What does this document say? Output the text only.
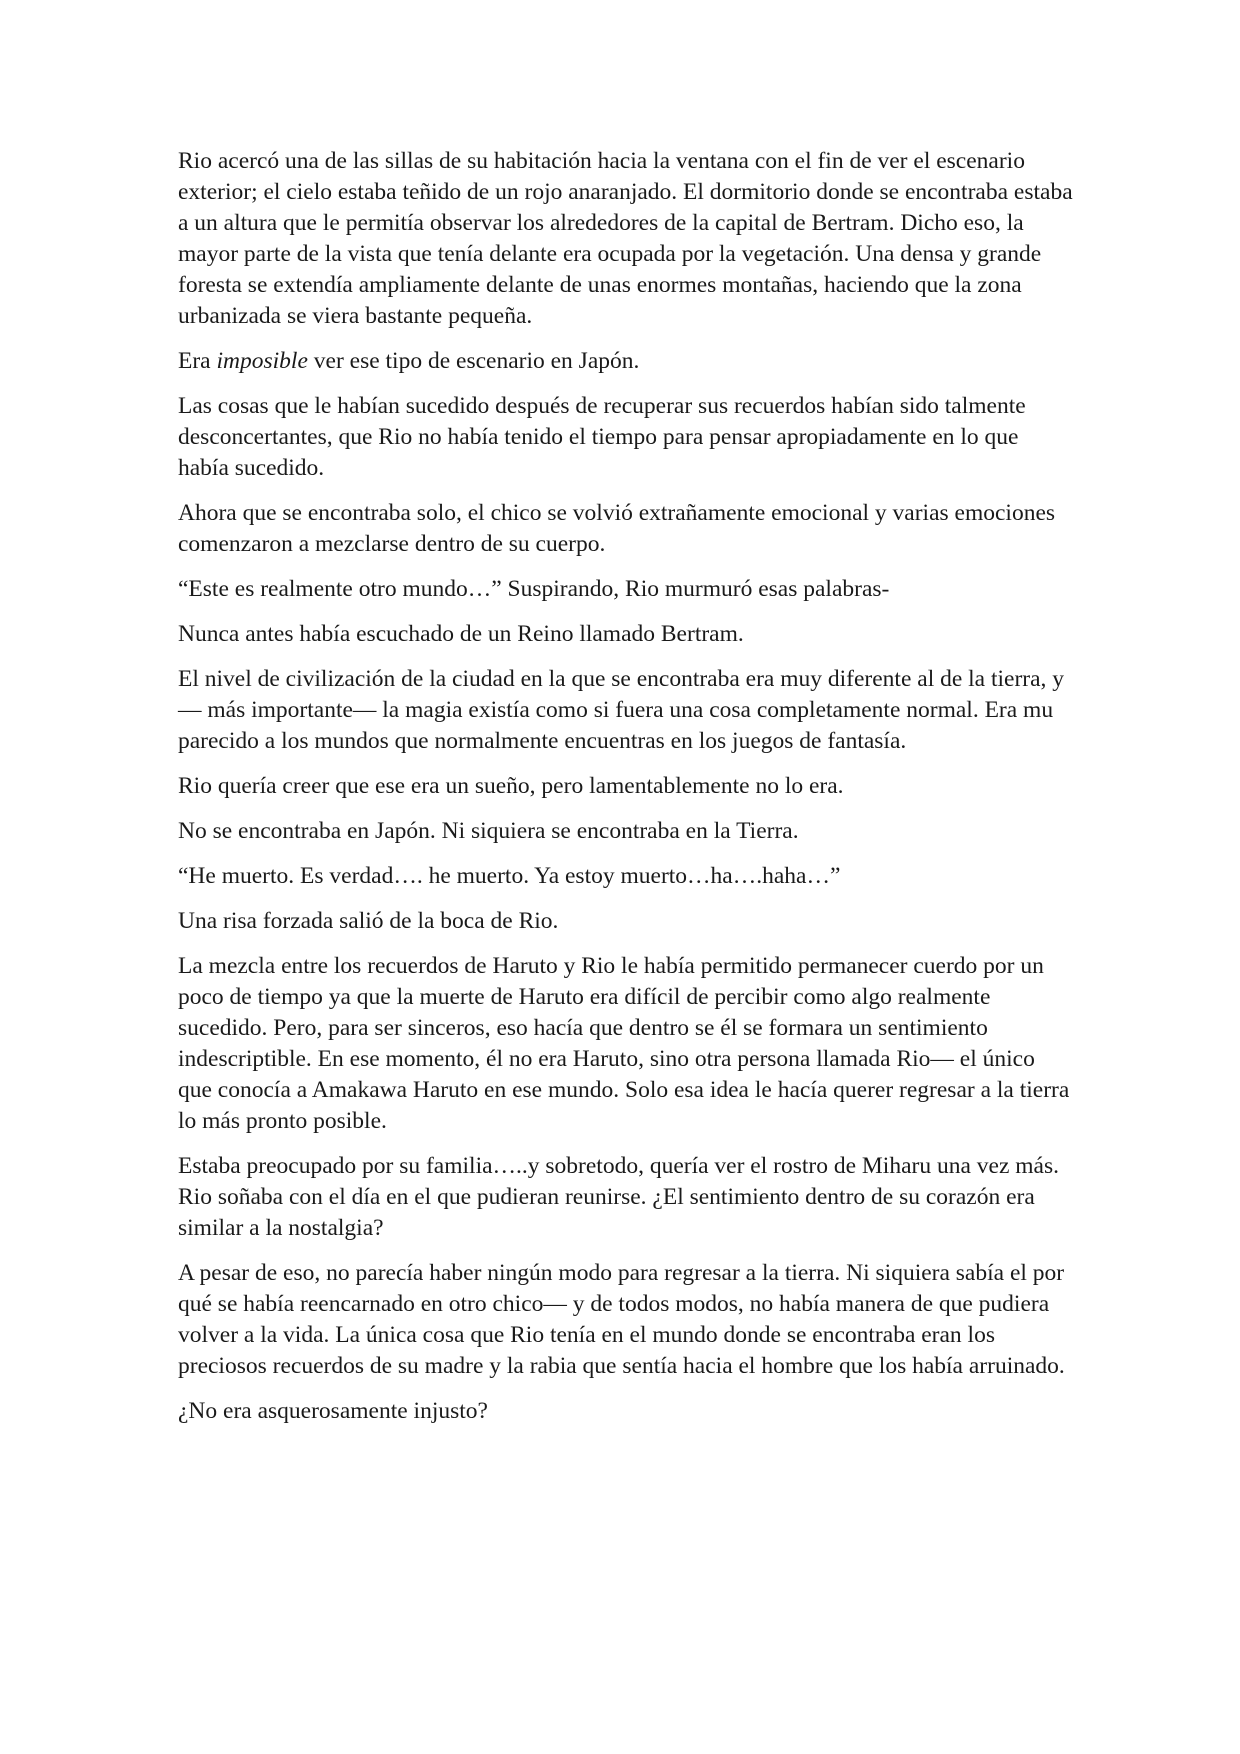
Rio acercó una de las sillas de su habitación hacia la ventana con el fin de ver el escenario exterior; el cielo estaba teñido de un rojo anaranjado. El dormitorio donde se encontraba estaba a un altura que le permitía observar los alrededores de la capital de Bertram. Dicho eso, la mayor parte de la vista que tenía delante era ocupada por la vegetación. Una densa y grande foresta se extendía ampliamente delante de unas enormes montañas, haciendo que la zona urbanizada se viera bastante pequeña.

Era imposible ver ese tipo de escenario en Japón.

Las cosas que le habían sucedido después de recuperar sus recuerdos habían sido talmente desconcertantes, que Rio no había tenido el tiempo para pensar apropiadamente en lo que había sucedido.

Ahora que se encontraba solo, el chico se volvió extrañamente emocional y varias emociones comenzaron a mezclarse dentro de su cuerpo.

“Este es realmente otro mundo…” Suspirando, Rio murmuró esas palabras-

Nunca antes había escuchado de un Reino llamado Bertram.

El nivel de civilización de la ciudad en la que se encontraba era muy diferente al de la tierra, y— más importante— la magia existía como si fuera una cosa completamente normal. Era mu parecido a los mundos que normalmente encuentras en los juegos de fantasía.

Rio quería creer que ese era un sueño, pero lamentablemente no lo era.

No se encontraba en Japón. Ni siquiera se encontraba en la Tierra.

“He muerto. Es verdad…. he muerto. Ya estoy muerto…ha….haha…”

Una risa forzada salió de la boca de Rio.

La mezcla entre los recuerdos de Haruto y Rio le había permitido permanecer cuerdo por un poco de tiempo ya que la muerte de Haruto era difícil de percibir como algo realmente sucedido. Pero, para ser sinceros, eso hacía que dentro se él se formara un sentimiento indescriptible. En ese momento, él no era Haruto, sino otra persona llamada Rio— el único que conocía a Amakawa Haruto en ese mundo. Solo esa idea le hacía querer regresar a la tierra lo más pronto posible.

Estaba preocupado por su familia…..y sobretodo, quería ver el rostro de Miharu una vez más. Rio soñaba con el día en el que pudieran reunirse. ¿El sentimiento dentro de su corazón era similar a la nostalgia?

A pesar de eso, no parecía haber ningún modo para regresar a la tierra. Ni siquiera sabía el por qué se había reencarnado en otro chico— y de todos modos, no había manera de que pudiera volver a la vida. La única cosa que Rio tenía en el mundo donde se encontraba eran los preciosos recuerdos de su madre y la rabia que sentía hacia el hombre que los había arruinado.

¿No era asquerosamente injusto?
